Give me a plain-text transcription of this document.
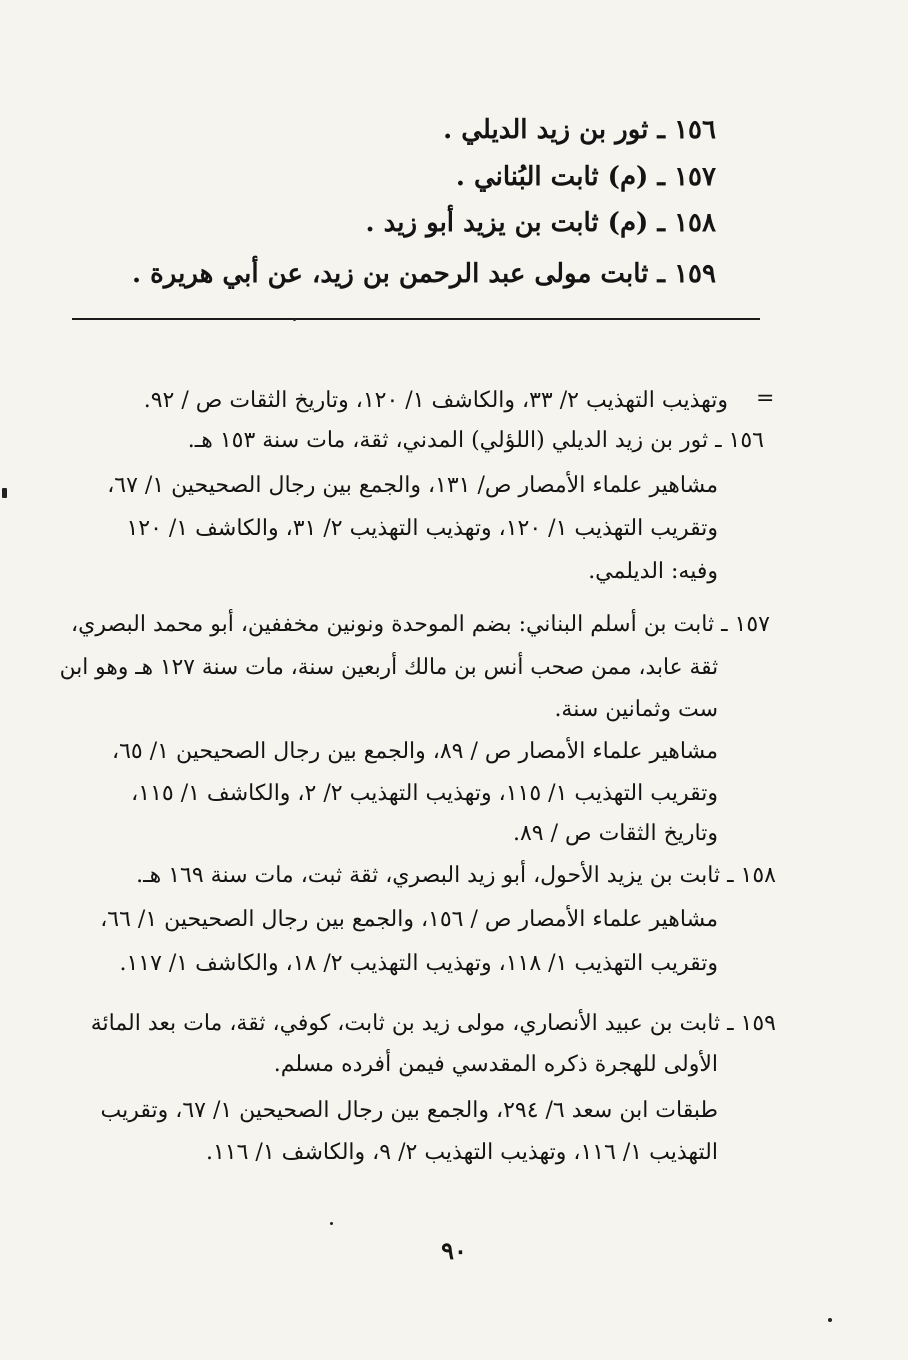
١٥٦ ـ ثور بن زيد الديلي .
١٥٧ ـ (م) ثابت البُناني .
١٥٨ ـ (م) ثابت بن يزيد أبو زيد .
١٥٩ ـ ثابت مولى عبد الرحمن بن زيد، عن أبي هريرة .
=
وتهذيب التهذيب ٢/ ٣٣، والكاشف ١/ ١٢٠، وتاريخ الثقات ص / ٩٢.
١٥٦ ـ ثور بن زيد الديلي (اللؤلي) المدني، ثقة، مات سنة ١٥٣ هـ.
مشاهير علماء الأمصار ص/ ١٣١، والجمع بين رجال الصحيحين ١/ ٦٧،
وتقريب التهذيب ١/ ١٢٠، وتهذيب التهذيب ٢/ ٣١، والكاشف ١/ ١٢٠
وفيه: الديلمي.
١٥٧ ـ ثابت بن أسلم البناني: بضم الموحدة ونونين مخففين، أبو محمد البصري،
ثقة عابد، ممن صحب أنس بن مالك أربعين سنة، مات سنة ١٢٧ هـ وهو ابن
ست وثمانين سنة.
مشاهير علماء الأمصار ص / ٨٩، والجمع بين رجال الصحيحين ١/ ٦٥،
وتقريب التهذيب ١/ ١١٥، وتهذيب التهذيب ٢/ ٢، والكاشف ١/ ١١٥،
وتاريخ الثقات ص / ٨٩.
١٥٨ ـ ثابت بن يزيد الأحول، أبو زيد البصري، ثقة ثبت، مات سنة ١٦٩ هـ.
مشاهير علماء الأمصار ص / ١٥٦، والجمع بين رجال الصحيحين ١/ ٦٦،
وتقريب التهذيب ١/ ١١٨، وتهذيب التهذيب ٢/ ١٨، والكاشف ١/ ١١٧.
١٥٩ ـ ثابت بن عبيد الأنصاري، مولى زيد بن ثابت، كوفي، ثقة، مات بعد المائة
الأولى للهجرة ذكره المقدسي فيمن أفرده مسلم.
طبقات ابن سعد ٦/ ٢٩٤، والجمع بين رجال الصحيحين ١/ ٦٧، وتقريب
التهذيب ١/ ١١٦، وتهذيب التهذيب ٢/ ٩، والكاشف ١/ ١١٦.
٩٠
